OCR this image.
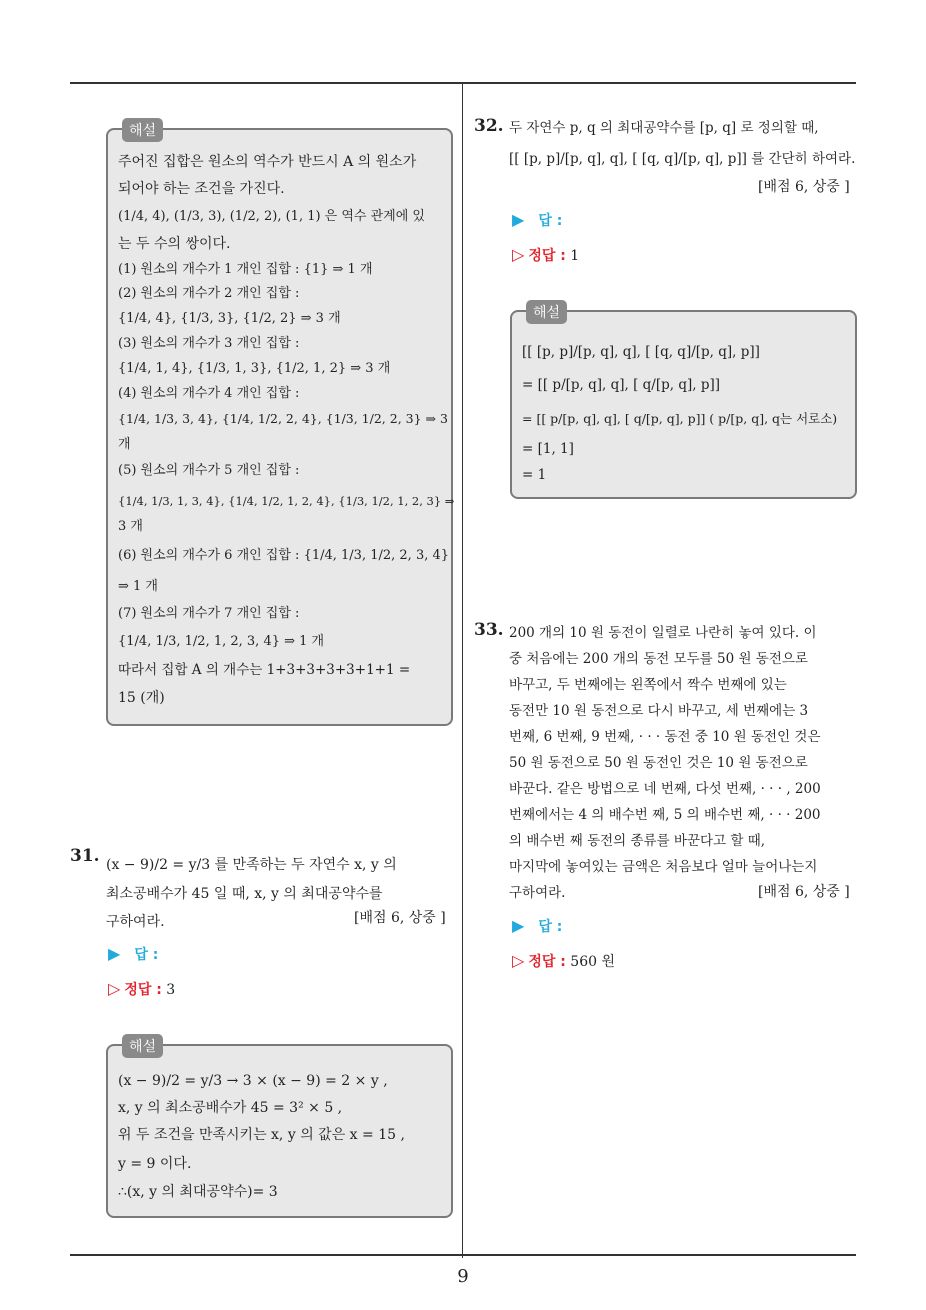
해설
주어진 집합은 원소의 역수가 반드시 A 의 원소가
되어야 하는 조건을 가진다.
(1/4, 4), (1/3, 3), (1/2, 2), (1, 1) 은 역수 관계에 있
는 두 수의 쌍이다.
(1) 원소의 개수가 1 개인 집합 : {1} ⇒ 1 개
(2) 원소의 개수가 2 개인 집합 :
{1/4, 4}, {1/3, 3}, {1/2, 2} ⇒ 3 개
(3) 원소의 개수가 3 개인 집합 :
{1/4, 1, 4}, {1/3, 1, 3}, {1/2, 1, 2} ⇒ 3 개
(4) 원소의 개수가 4 개인 집합 :
{1/4, 1/3, 3, 4}, {1/4, 1/2, 2, 4}, {1/3, 1/2, 2, 3} ⇒ 3
개
(5) 원소의 개수가 5 개인 집합 :
{1/4, 1/3, 1, 3, 4}, {1/4, 1/2, 1, 2, 4}, {1/3, 1/2, 1, 2, 3} ⇒
3 개
(6) 원소의 개수가 6 개인 집합 : {1/4, 1/3, 1/2, 2, 3, 4}
⇒ 1 개
(7) 원소의 개수가 7 개인 집합 :
{1/4, 1/3, 1/2, 1, 2, 3, 4} ⇒ 1 개
따라서 집합 A 의 개수는 1+3+3+3+3+1+1 =
15 (개)
31. (x − 9)/2 = y/3 를 만족하는 두 자연수 x, y 의
최소공배수가 45 일 때, x, y 의 최대공약수를
구하여라.	[배점 6, 상중 ]
▶ 답 :
▷ 정답 : 3
해설
(x − 9)/2 = y/3 → 3 × (x − 9) = 2 × y ,
x, y 의 최소공배수가 45 = 3² × 5 ,
위 두 조건을 만족시키는 x, y 의 값은 x = 15 ,
y = 9 이다.
∴(x, y 의 최대공약수)= 3
32. 두 자연수 p, q 의 최대공약수를 [p, q] 로 정의할 때,
[[ [p, p]/[p, q], q], [ [q, q]/[p, q], p]] 를 간단히 하여라.
[배점 6, 상중 ]
▶ 답 :
▷ 정답 : 1
해설
[[ [p, p]/[p, q], q], [ [q, q]/[p, q], p]]
= [[ p/[p, q], q], [ q/[p, q], p]]
= [[ p/[p, q], q], [ q/[p, q], p]] ( p/[p, q], q는 서로소)
= [1, 1]
= 1
33. 200 개의 10 원 동전이 일렬로 나란히 놓여 있다. 이
중 처음에는 200 개의 동전 모두를 50 원 동전으로
바꾸고, 두 번째에는 왼쪽에서 짝수 번째에 있는
동전만 10 원 동전으로 다시 바꾸고, 세 번째에는 3
번째, 6 번째, 9 번째, · · · 동전 중 10 원 동전인 것은
50 원 동전으로 50 원 동전인 것은 10 원 동전으로
바꾼다. 같은 방법으로 네 번째, 다섯 번째, · · · , 200
번째에서는 4 의 배수번 째, 5 의 배수번 째, · · · 200
의 배수번 째 동전의 종류를 바꾼다고 할 때,
마지막에 놓여있는 금액은 처음보다 얼마 늘어나는지
구하여라.	[배점 6, 상중 ]
▶ 답 :
▷ 정답 : 560 원
9
